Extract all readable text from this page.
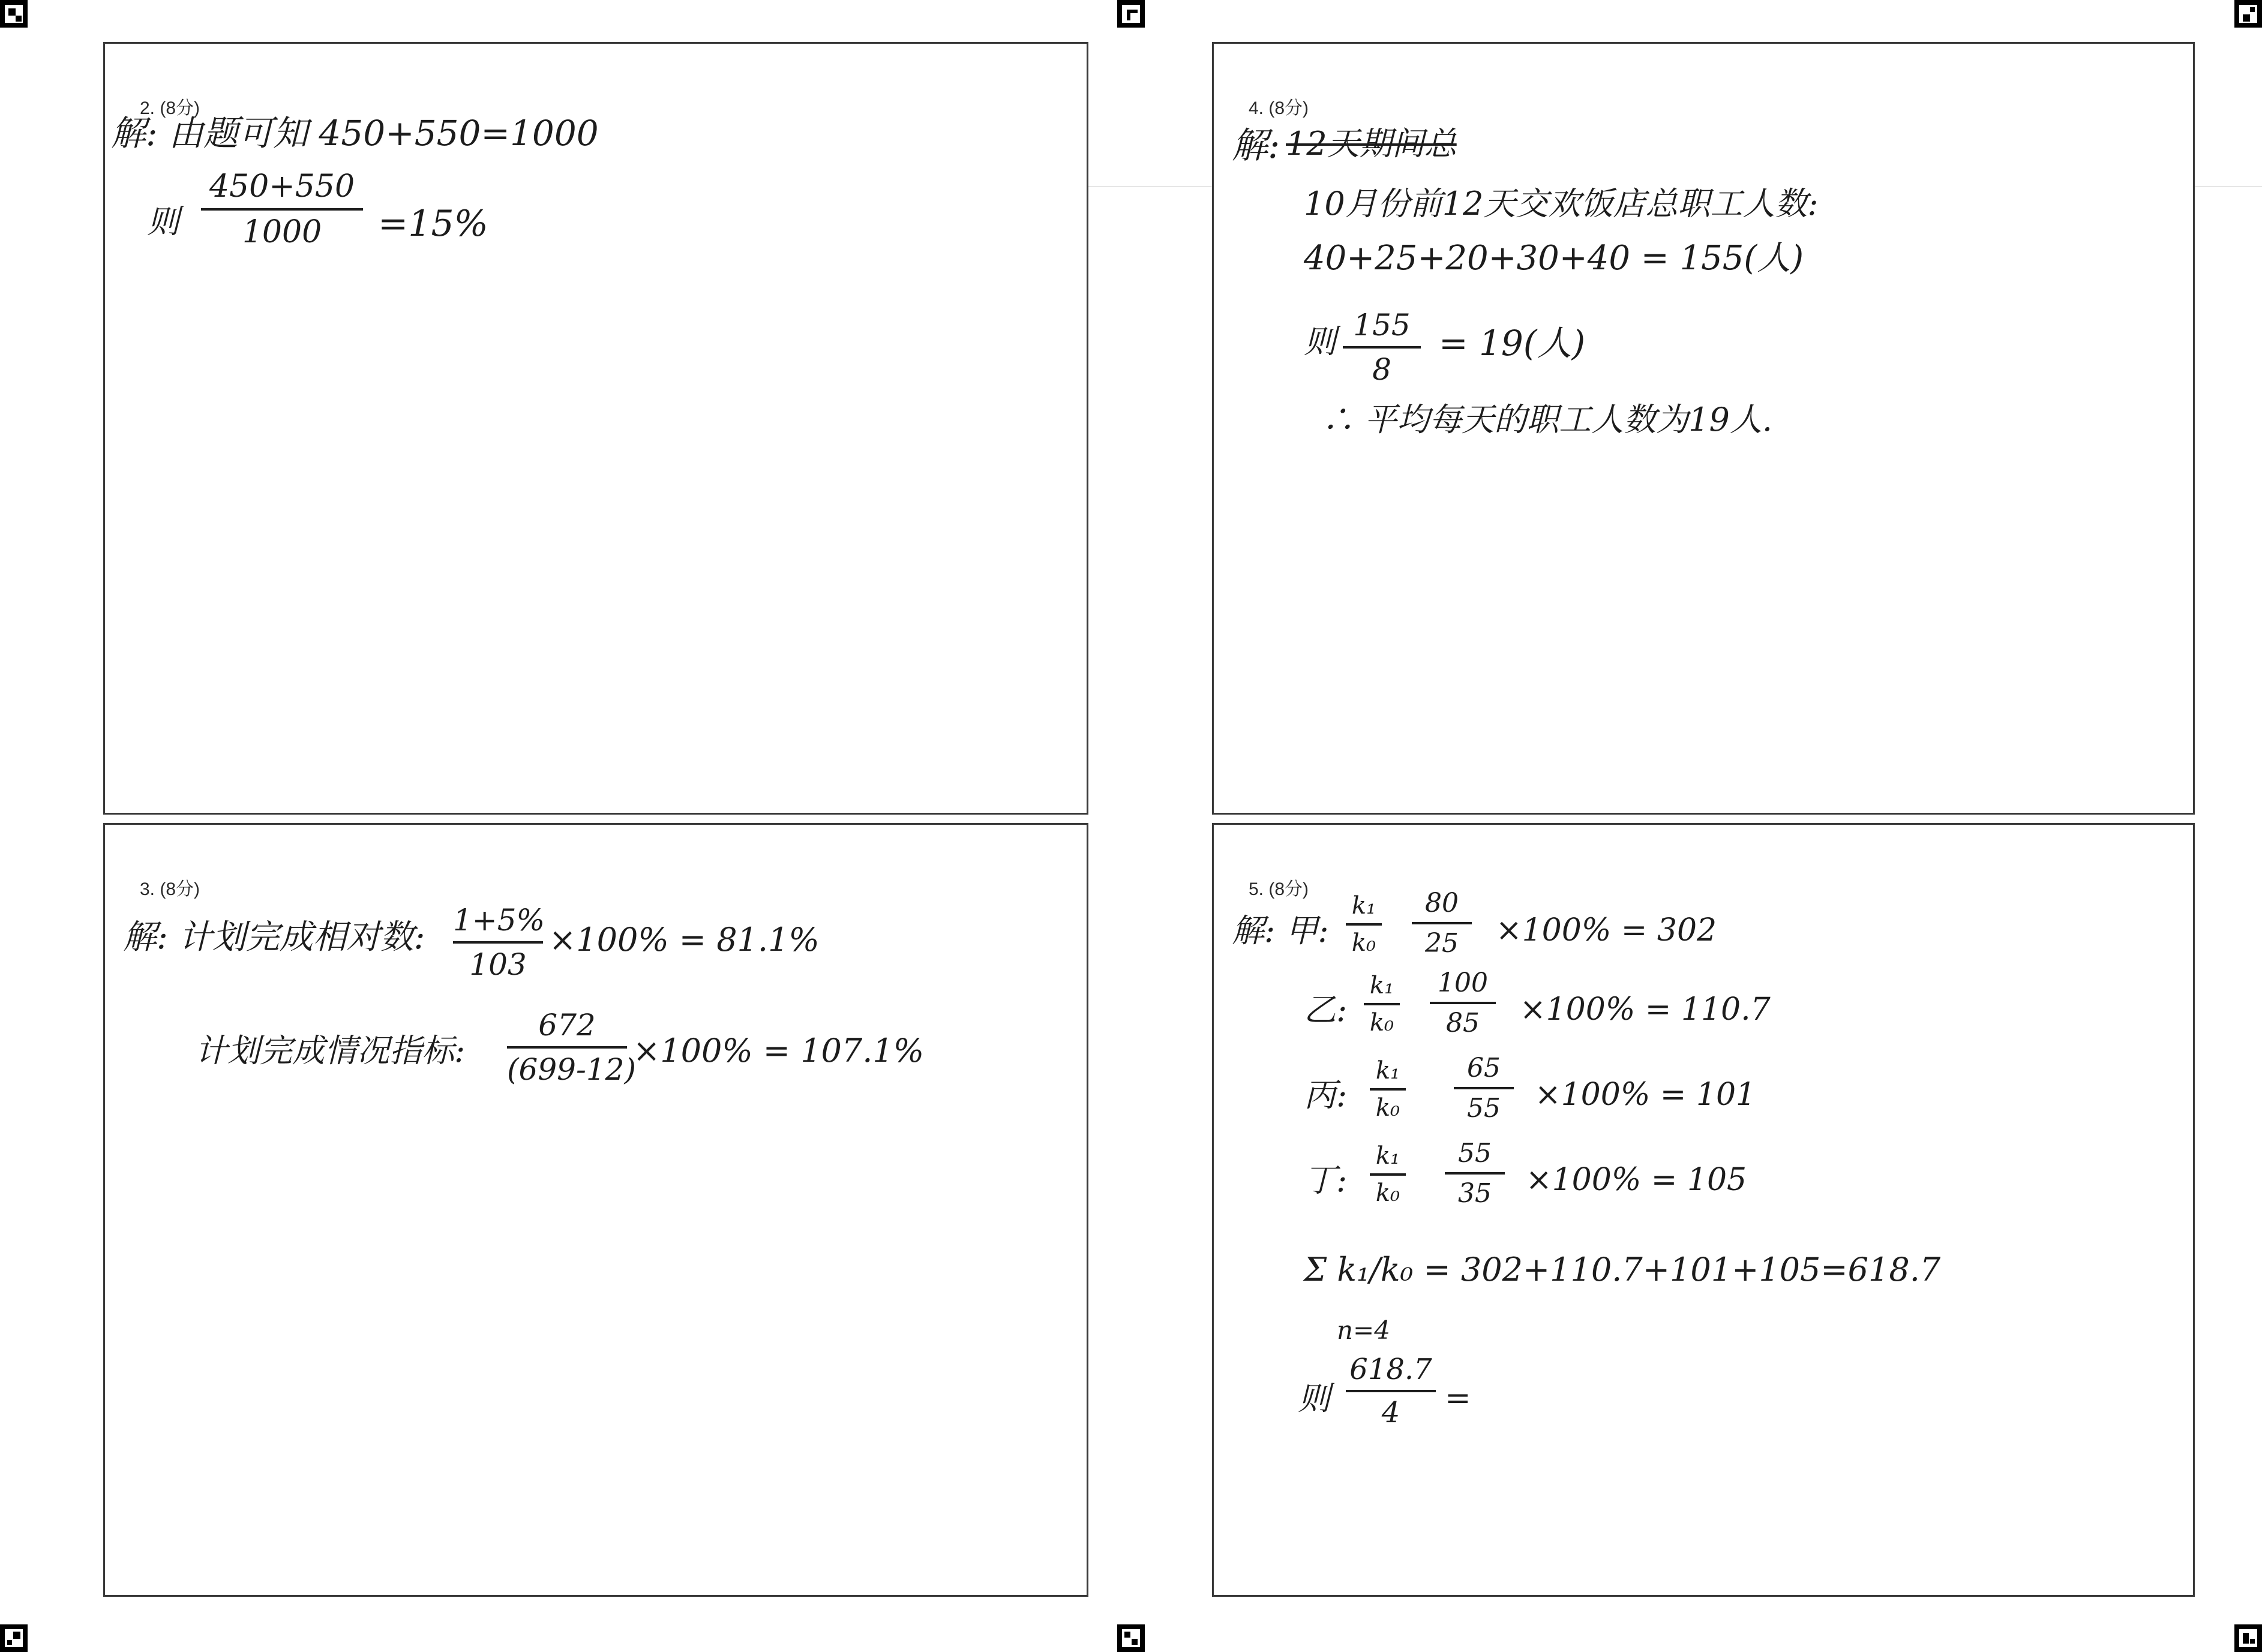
2. (8分)
解: 由题可知 450+550=1000
则
450+550
1000	=15%
4. (8分)
解: 12天期间总
10月份前12天交欢饭店总职工人数:
40+25+20+30+40 = 155(人)
则 155
8
= 19(人)
∴ 平均每天的职工人数为19人.
3. (8分)
解: 计划完成相对数: 1+5%
103
×100% = 81.1%
计划完成情况指标:
672
(699-12)
×100% = 107.1%
5. (8分)
解: 甲:
k₁
k₀
80
25	×100% = 302
乙:
k₁
k₀
100
85	×100% = 110.7
丙:
k₁
k₀
65
55	×100% = 101
丁:
k₁
k₀
55
35	×100% = 105
Σ k₁/k₀ = 302+110.7+101+105=618.7
n=4
则
618.7
4	=
